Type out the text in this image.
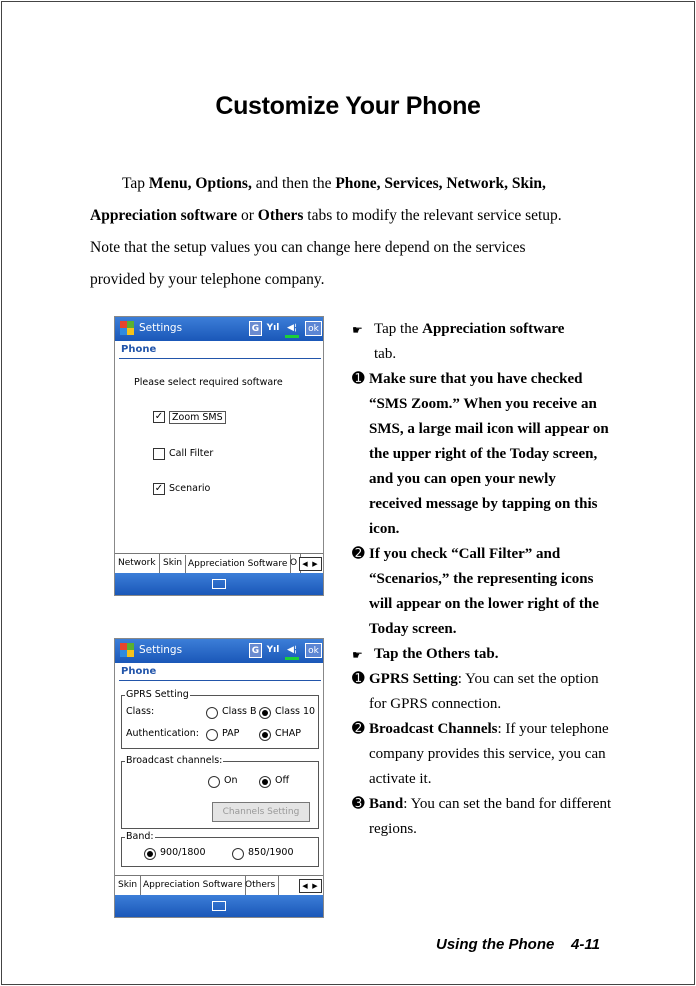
Customize Your Phone
Tap Menu, Options, and then the Phone, Services, Network, Skin,
Appreciation software or Others tabs to modify the relevant service setup.
Note that the setup values you can change here depend on the services
provided by your telephone company.
Settings	G Yıl ◀¦	ok
Phone
Please select required software
✓ Zoom SMS
Call Filter
✓ Scenario
Network Skin Appreciation Software O ◀ ▶
Settings	G Yıl ◀¦	ok
Phone
GPRS Setting
Class:	Class B Class 10
Authentication: PAP	CHAP
Broadcast channels:
On	Off
Channels Setting
Band:
900/1800	850/1900
Skin Appreciation Software Others	◀ ▶
☛ Tap the Appreciation software
tab.
➊ Make sure that you have checked “SMS Zoom.” When you receive an SMS, a large mail icon will appear on the upper right of the Today screen, and you can open your newly received message by tapping on this icon.
➋ If you check “Call Filter” and “Scenarios,” the representing icons will appear on the lower right of the Today screen.
☛ Tap the Others tab.
➊ GPRS Setting: You can set the option for GPRS connection.
➋ Broadcast Channels: If your telephone company provides this service, you can activate it.
➌ Band: You can set the band for different regions.
Using the Phone    4-11
